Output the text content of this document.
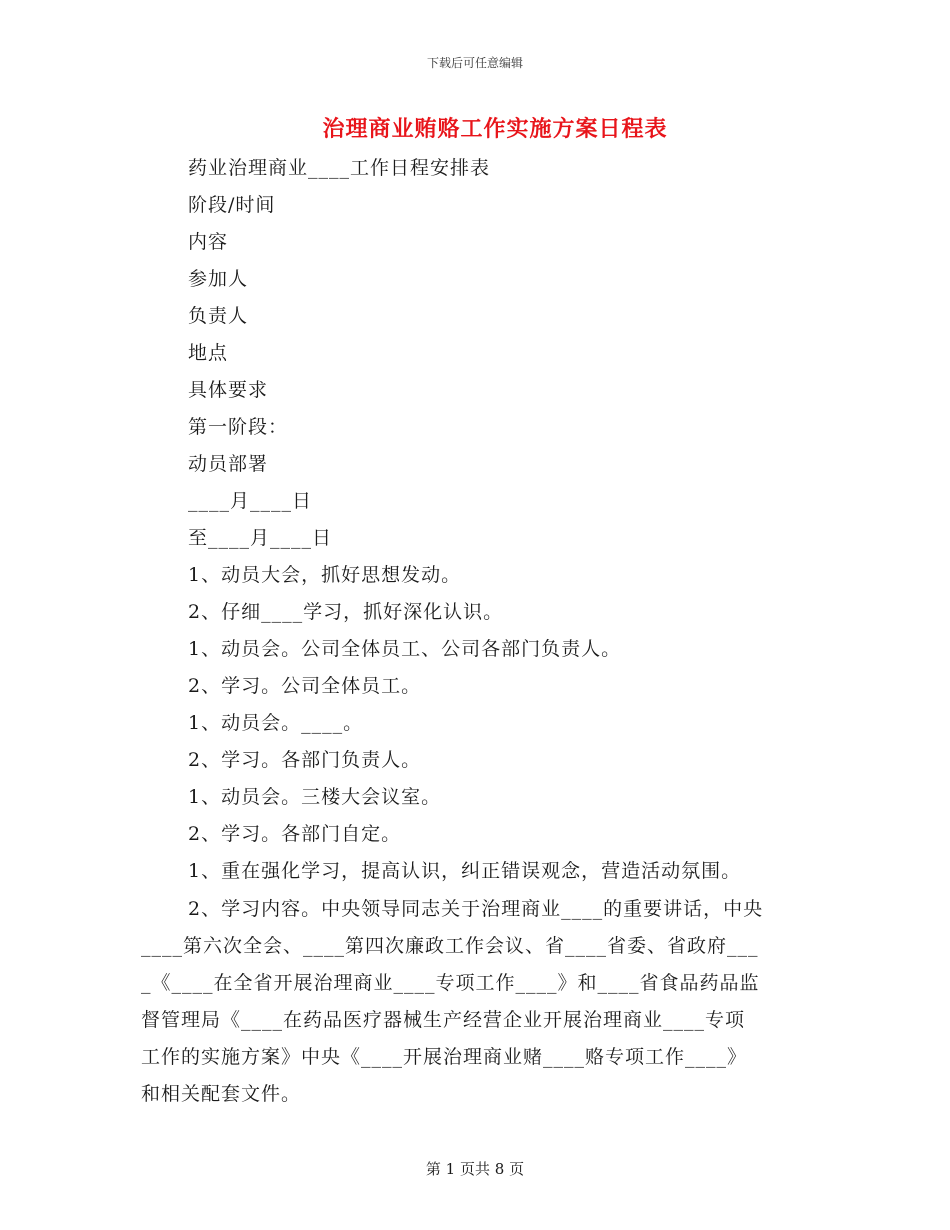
下载后可任意编辑
治理商业贿赂工作实施方案日程表
药业治理商业____工作日程安排表
阶段/时间
内容
参加人
负责人
地点
具体要求
第一阶段：
动员部署
____月____日
至____月____日
1、动员大会，抓好思想发动。
2、仔细____学习，抓好深化认识。
1、动员会。公司全体员工、公司各部门负责人。
2、学习。公司全体员工。
1、动员会。____。
2、学习。各部门负责人。
1、动员会。三楼大会议室。
2、学习。各部门自定。
1、重在强化学习，提高认识，纠正错误观念，营造活动氛围。
2、学习内容。中央领导同志关于治理商业____的重要讲话，中央
____第六次全会、____第四次廉政工作会议、省____省委、省政府___
_《____在全省开展治理商业____专项工作____》和____省食品药品监
督管理局《____在药品医疗器械生产经营企业开展治理商业____专项
工作的实施方案》中央《____开展治理商业赌____赂专项工作____》
和相关配套文件。
第 1 页共 8 页
